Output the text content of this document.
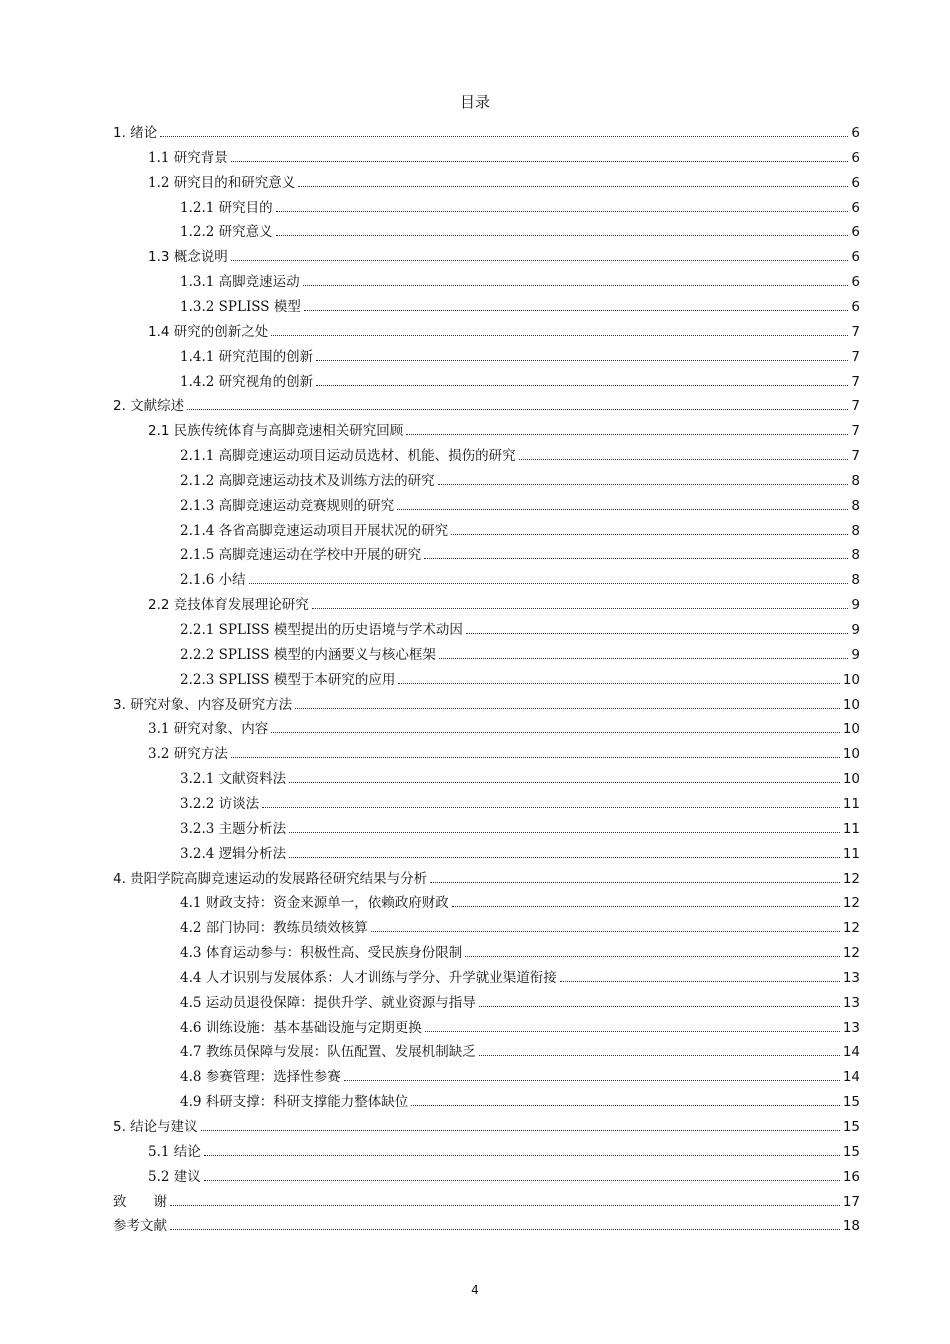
目录
1. 绪论	6
1.1 研究背景	6
1.2 研究目的和研究意义	6
1.2.1 研究目的	6
1.2.2 研究意义	6
1.3 概念说明	6
1.3.1 高脚竞速运动	6
1.3.2 SPLISS 模型	6
1.4 研究的创新之处	7
1.4.1 研究范围的创新	7
1.4.2 研究视角的创新	7
2. 文献综述	7
2.1 民族传统体育与高脚竞速相关研究回顾	7
2.1.1 高脚竞速运动项目运动员选材、机能、损伤的研究	7
2.1.2 高脚竞速运动技术及训练方法的研究	8
2.1.3 高脚竞速运动竞赛规则的研究	8
2.1.4 各省高脚竞速运动项目开展状况的研究	8
2.1.5 高脚竞速运动在学校中开展的研究	8
2.1.6 小结	8
2.2 竞技体育发展理论研究	9
2.2.1 SPLISS 模型提出的历史语境与学术动因	9
2.2.2 SPLISS 模型的内涵要义与核心框架	9
2.2.3 SPLISS 模型于本研究的应用	10
3. 研究对象、内容及研究方法	10
3.1 研究对象、内容	10
3.2 研究方法	10
3.2.1 文献资料法	10
3.2.2 访谈法	11
3.2.3 主题分析法	11
3.2.4 逻辑分析法	11
4. 贵阳学院高脚竞速运动的发展路径研究结果与分析	12
4.1 财政支持：资金来源单一，依赖政府财政	12
4.2 部门协同：教练员绩效核算	12
4.3 体育运动参与：积极性高、受民族身份限制	12
4.4 人才识别与发展体系：人才训练与学分、升学就业渠道衔接	13
4.5 运动员退役保障：提供升学、就业资源与指导	13
4.6 训练设施：基本基础设施与定期更换	13
4.7 教练员保障与发展：队伍配置、发展机制缺乏	14
4.8 参赛管理：选择性参赛	14
4.9 科研支撑：科研支撑能力整体缺位	15
5. 结论与建议	15
5.1 结论	15
5.2 建议	16
致　　谢	17
参考文献	18
4
